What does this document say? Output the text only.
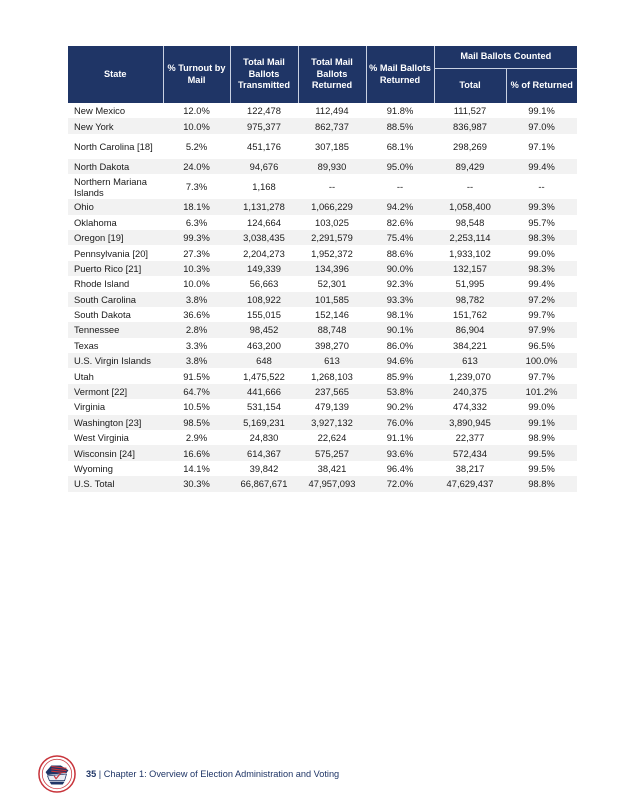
State	% Turnout by Mail	Total Mail Ballots Transmitted	Total Mail Ballots Returned	% Mail Ballots Returned	Mail Ballots Counted	
					Total	% of Returned
New Mexico	12.0%	122,478	112,494	91.8%	111,527	99.1%
New York	10.0%	975,377	862,737	88.5%	836,987	97.0%
North Carolina [18]	5.2%	451,176	307,185	68.1%	298,269	97.1%
North Dakota	24.0%	94,676	89,930	95.0%	89,429	99.4%
Northern Mariana Islands	7.3%	1,168	--	--	--	--
Ohio	18.1%	1,131,278	1,066,229	94.2%	1,058,400	99.3%
Oklahoma	6.3%	124,664	103,025	82.6%	98,548	95.7%
Oregon [19]	99.3%	3,038,435	2,291,579	75.4%	2,253,114	98.3%
Pennsylvania [20]	27.3%	2,204,273	1,952,372	88.6%	1,933,102	99.0%
Puerto Rico [21]	10.3%	149,339	134,396	90.0%	132,157	98.3%
Rhode Island	10.0%	56,663	52,301	92.3%	51,995	99.4%
South Carolina	3.8%	108,922	101,585	93.3%	98,782	97.2%
South Dakota	36.6%	155,015	152,146	98.1%	151,762	99.7%
Tennessee	2.8%	98,452	88,748	90.1%	86,904	97.9%
Texas	3.3%	463,200	398,270	86.0%	384,221	96.5%
U.S. Virgin Islands	3.8%	648	613	94.6%	613	100.0%
Utah	91.5%	1,475,522	1,268,103	85.9%	1,239,070	97.7%
Vermont [22]	64.7%	441,666	237,565	53.8%	240,375	101.2%
Virginia	10.5%	531,154	479,139	90.2%	474,332	99.0%
Washington [23]	98.5%	5,169,231	3,927,132	76.0%	3,890,945	99.1%
West Virginia	2.9%	24,830	22,624	91.1%	22,377	98.9%
Wisconsin [24]	16.6%	614,367	575,257	93.6%	572,434	99.5%
Wyoming	14.1%	39,842	38,421	96.4%	38,217	99.5%
U.S. Total	30.3%	66,867,671	47,957,093	72.0%	47,629,437	98.8%
35 | Chapter 1: Overview of Election Administration and Voting
